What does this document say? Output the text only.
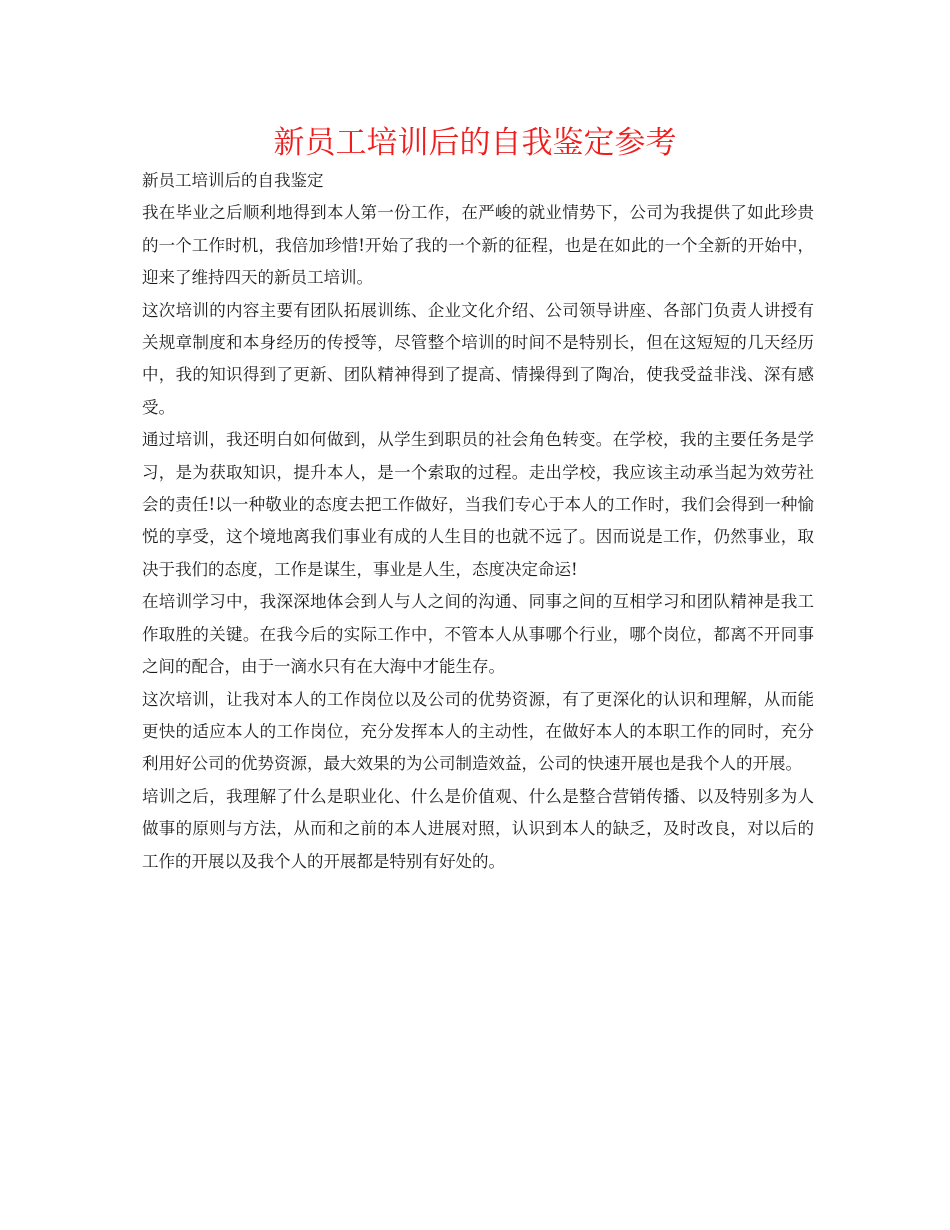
新员工培训后的自我鉴定参考

新员工培训后的自我鉴定

我在毕业之后顺利地得到本人第一份工作，在严峻的就业情势下，公司为我提供了如此珍贵的一个工作时机，我倍加珍惜!开始了我的一个新的征程，也是在如此的一个全新的开始中，迎来了维持四天的新员工培训。

这次培训的内容主要有团队拓展训练、企业文化介绍、公司领导讲座、各部门负责人讲授有关规章制度和本身经历的传授等，尽管整个培训的时间不是特别长，但在这短短的几天经历中，我的知识得到了更新、团队精神得到了提高、情操得到了陶冶，使我受益非浅、深有感受。

通过培训，我还明白如何做到，从学生到职员的社会角色转变。在学校，我的主要任务是学习，是为获取知识，提升本人，是一个索取的过程。走出学校，我应该主动承当起为效劳社会的责任!以一种敬业的态度去把工作做好，当我们专心于本人的工作时，我们会得到一种愉悦的享受，这个境地离我们事业有成的人生目的也就不远了。因而说是工作，仍然事业，取决于我们的态度，工作是谋生，事业是人生，态度决定命运!

在培训学习中，我深深地体会到人与人之间的沟通、同事之间的互相学习和团队精神是我工作取胜的关键。在我今后的实际工作中，不管本人从事哪个行业，哪个岗位，都离不开同事之间的配合，由于一滴水只有在大海中才能生存。

这次培训，让我对本人的工作岗位以及公司的优势资源，有了更深化的认识和理解，从而能更快的适应本人的工作岗位，充分发挥本人的主动性，在做好本人的本职工作的同时，充分利用好公司的优势资源，最大效果的为公司制造效益，公司的快速开展也是我个人的开展。

培训之后，我理解了什么是职业化、什么是价值观、什么是整合营销传播、以及特别多为人做事的原则与方法，从而和之前的本人进展对照，认识到本人的缺乏，及时改良，对以后的工作的开展以及我个人的开展都是特别有好处的。
